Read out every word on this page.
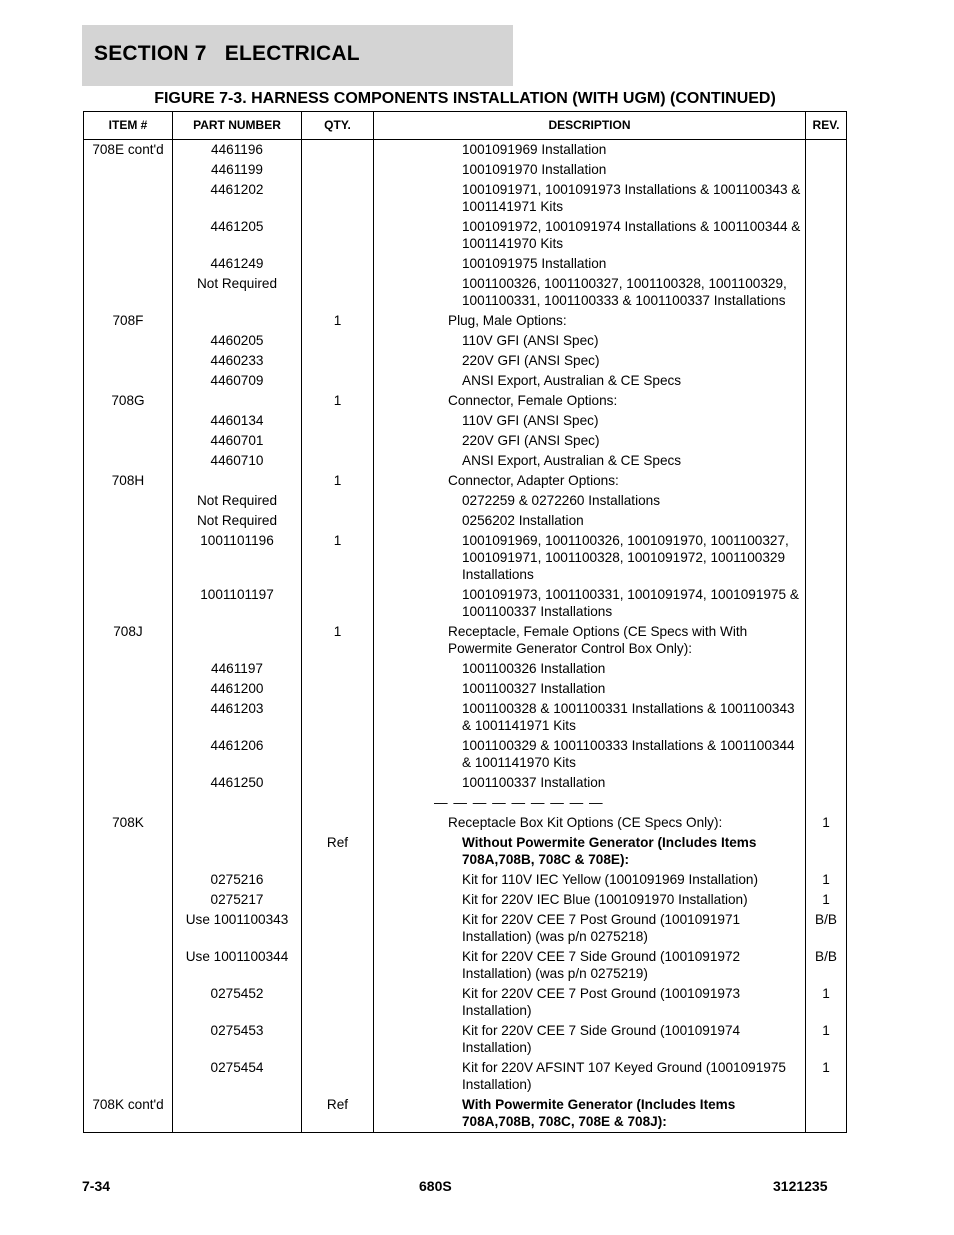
SECTION 7   ELECTRICAL
FIGURE 7-3. HARNESS COMPONENTS INSTALLATION (WITH UGM) (CONTINUED)
ITEM #	PART NUMBER	QTY.	DESCRIPTION	REV.
708E cont'd	4461196		1001091969 Installation	
	4461199		1001091970 Installation	
	4461202		1001091971, 1001091973 Installations & 1001100343 & 1001141971 Kits	
	4461205		1001091972, 1001091974 Installations & 1001100344 & 1001141970 Kits	
	4461249		1001091975 Installation	
	Not Required		1001100326, 1001100327, 1001100328, 1001100329, 1001100331, 1001100333 & 1001100337 Installations	
708F		1	Plug, Male Options:	
	4460205		110V GFI (ANSI Spec)	
	4460233		220V GFI (ANSI Spec)	
	4460709		ANSI Export, Australian & CE Specs	
708G		1	Connector, Female Options:	
	4460134		110V GFI (ANSI Spec)	
	4460701		220V GFI (ANSI Spec)	
	4460710		ANSI Export, Australian & CE Specs	
708H		1	Connector, Adapter Options:	
	Not Required		0272259 & 0272260 Installations	
	Not Required		0256202 Installation	
	1001101196	1	1001091969, 1001100326, 1001091970, 1001100327, 1001091971, 1001100328, 1001091972, 1001100329 Installations	
	1001101197		1001091973, 1001100331, 1001091974, 1001091975 & 1001100337 Installations	
708J		1	Receptacle, Female Options (CE Specs with With Powermite Generator Control Box Only):	
	4461197		1001100326 Installation	
	4461200		1001100327 Installation	
	4461203		1001100328 & 1001100331 Installations & 1001100343 & 1001141971 Kits	
	4461206		1001100329 & 1001100333 Installations & 1001100344 & 1001141970 Kits	
	4461250		1001100337 Installation	
			— — — — — — — — —	
708K			Receptacle Box Kit Options (CE Specs Only):	1
		Ref	Without Powermite Generator (Includes Items 708A,708B, 708C & 708E):	
	0275216		Kit for 110V IEC Yellow (1001091969 Installation)	1
	0275217		Kit for 220V IEC Blue (1001091970 Installation)	1
	Use 1001100343		Kit for 220V CEE 7 Post Ground (1001091971 Installation) (was p/n 0275218)	B/B
	Use 1001100344		Kit for 220V CEE 7 Side Ground (1001091972 Installation) (was p/n 0275219)	B/B
	0275452		Kit for 220V CEE 7 Post Ground (1001091973 Installation)	1
	0275453		Kit for 220V CEE 7 Side Ground (1001091974 Installation)	1
	0275454		Kit for 220V AFSINT 107 Keyed Ground (1001091975 Installation)	1
708K cont'd		Ref	With Powermite Generator (Includes Items 708A,708B, 708C, 708E & 708J):	
7-34	680S	3121235
